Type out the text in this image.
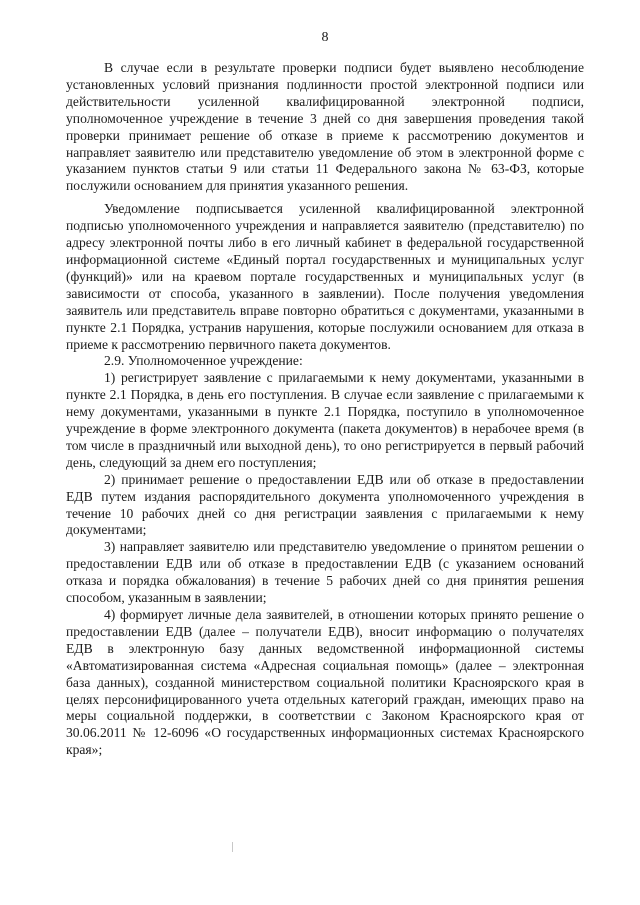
8

В случае если в результате проверки подписи будет выявлено несоблюдение установленных условий признания подлинности простой электронной подписи или действительности усиленной квалифицированной электронной подписи, уполномоченное учреждение в течение 3 дней со дня завершения проведения такой проверки принимает решение об отказе в приеме к рассмотрению документов и направляет заявителю или представителю уведомление об этом в электронной форме с указанием пунктов статьи 9 или статьи 11 Федерального закона № 63-ФЗ, которые послужили основанием для принятия указанного решения.

Уведомление подписывается усиленной квалифицированной электронной подписью уполномоченного учреждения и направляется заявителю (представителю) по адресу электронной почты либо в его личный кабинет в федеральной государственной информационной системе «Единый портал государственных и муниципальных услуг (функций)» или на краевом портале государственных и муниципальных услуг (в зависимости от способа, указанного в заявлении). После получения уведомления заявитель или представитель вправе повторно обратиться с документами, указанными в пункте 2.1 Порядка, устранив нарушения, которые послужили основанием для отказа в приеме к рассмотрению первичного пакета документов.

2.9. Уполномоченное учреждение:

1) регистрирует заявление с прилагаемыми к нему документами, указанными в пункте 2.1 Порядка, в день его поступления. В случае если заявление с прилагаемыми к нему документами, указанными в пункте 2.1 Порядка, поступило в уполномоченное учреждение в форме электронного документа (пакета документов) в нерабочее время (в том числе в праздничный или выходной день), то оно регистрируется в первый рабочий день, следующий за днем его поступления;

2) принимает решение о предоставлении ЕДВ или об отказе в предоставлении ЕДВ путем издания распорядительного документа уполномоченного учреждения в течение 10 рабочих дней со дня регистрации заявления с прилагаемыми к нему документами;

3) направляет заявителю или представителю уведомление о принятом решении о предоставлении ЕДВ или об отказе в предоставлении ЕДВ (с указанием оснований отказа и порядка обжалования) в течение 5 рабочих дней со дня принятия решения способом, указанным в заявлении;

4) формирует личные дела заявителей, в отношении которых принято решение о предоставлении ЕДВ (далее – получатели ЕДВ), вносит информацию о получателях ЕДВ в электронную базу данных ведомственной информационной системы «Автоматизированная система «Адресная социальная помощь» (далее – электронная база данных), созданной министерством социальной политики Красноярского края в целях персонифицированного учета отдельных категорий граждан, имеющих право на меры социальной поддержки, в соответствии с Законом Красноярского края от 30.06.2011 № 12-6096 «О государственных информационных системах Красноярского края»;
